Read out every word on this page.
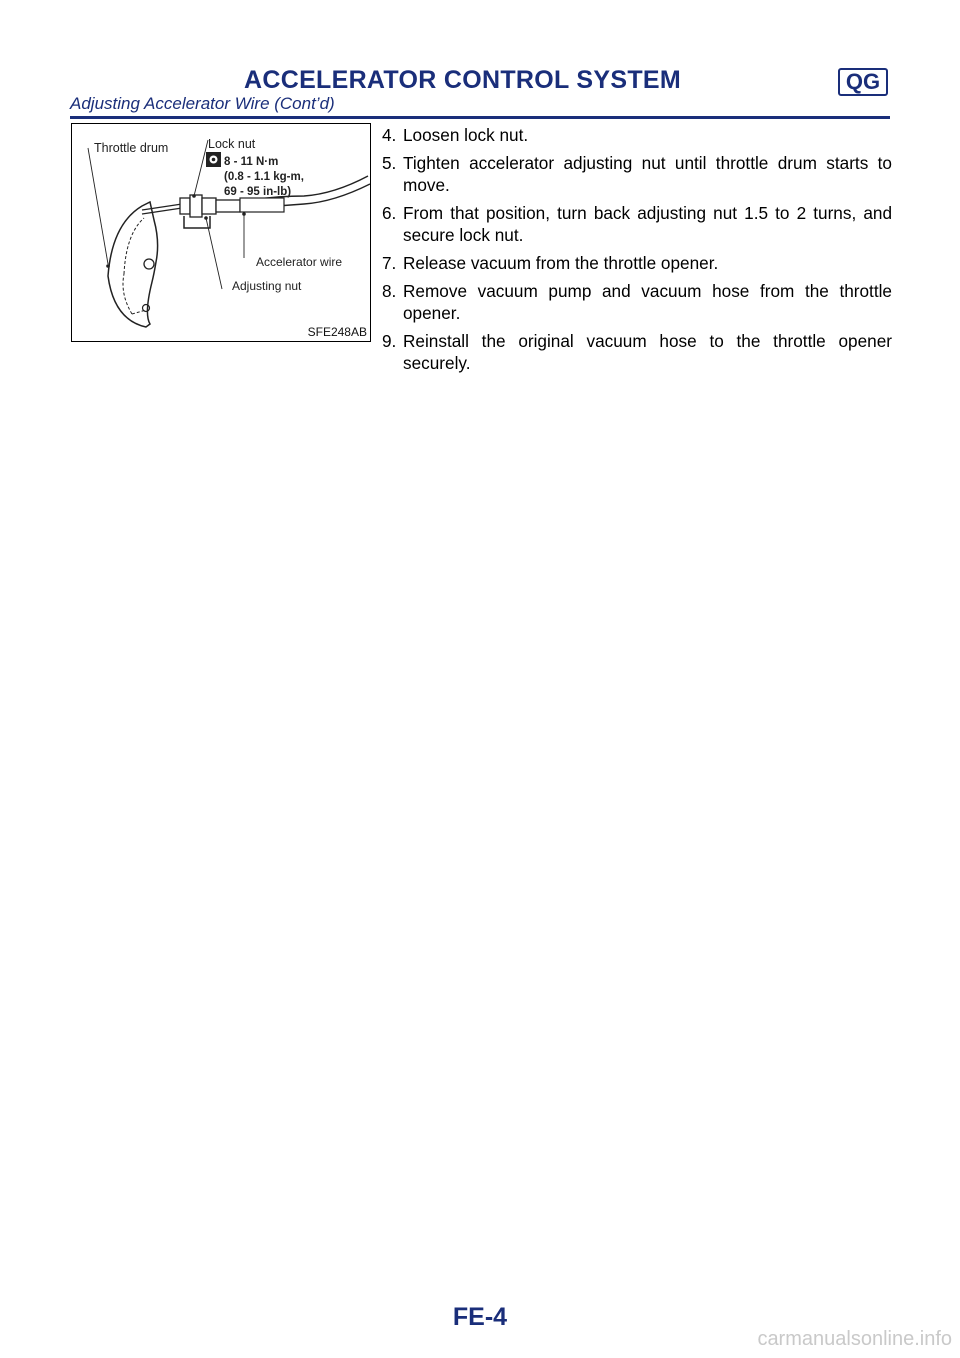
ACCELERATOR CONTROL SYSTEM	QG
Adjusting Accelerator Wire (Cont’d)
Throttle drum	Lock nut
8 - 11 N·m
(0.8 - 1.1 kg-m,
69 - 95 in-lb)
Accelerator wire
Adjusting nut
SFE248AB
4. Loosen lock nut.
5. Tighten accelerator adjusting nut until throttle drum starts to move.
6. From that position, turn back adjusting nut 1.5 to 2 turns, and secure lock nut.
7. Release vacuum from the throttle opener.
8. Remove vacuum pump and vacuum hose from the throttle opener.
9. Reinstall the original vacuum hose to the throttle opener securely.
FE-4
carmanualsonline.info
